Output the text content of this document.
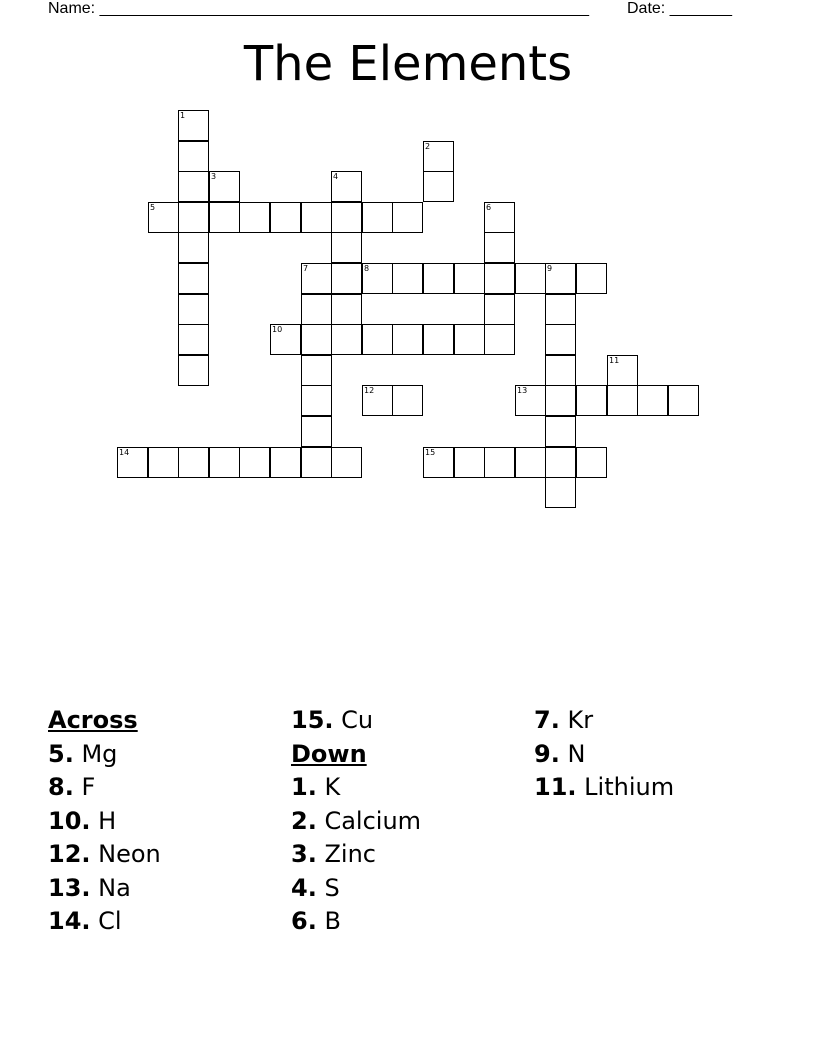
Name: _______________________________________________________ Date: _______
The Elements
1
2
3	4
5	6
7	8	9
10
11
12	13
14	15
Across
5. Mg
8. F
10. H
12. Neon
13. Na
14. Cl
15. Cu
Down
1. K
2. Calcium
3. Zinc
4. S
6. B
7. Kr
9. N
11. Lithium
